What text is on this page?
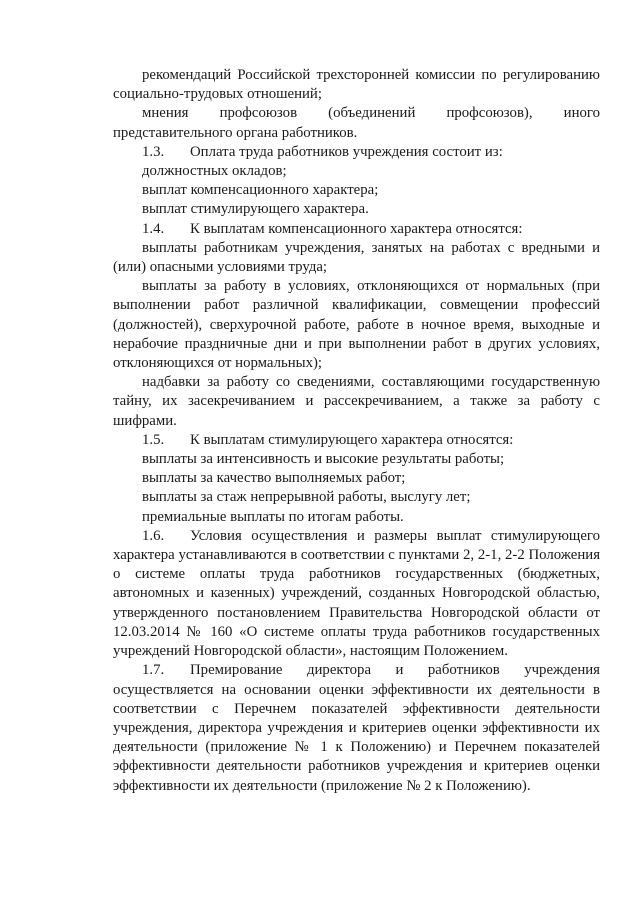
рекомендаций Российской трехсторонней комиссии по регулированию социально-трудовых отношений;

мнения профсоюзов (объединений профсоюзов), иного представительного органа работников.

1.3. Оплата труда работников учреждения состоит из:

должностных окладов;

выплат компенсационного характера;

выплат стимулирующего характера.

1.4. К выплатам компенсационного характера относятся:

выплаты работникам учреждения, занятых на работах с вредными и (или) опасными условиями труда;

выплаты за работу в условиях, отклоняющихся от нормальных (при выполнении работ различной квалификации, совмещении профессий (должностей), сверхурочной работе, работе в ночное время, выходные и нерабочие праздничные дни и при выполнении работ в других условиях, отклоняющихся от нормальных);

надбавки за работу со сведениями, составляющими государственную тайну, их засекречиванием и рассекречиванием, а также за работу с шифрами.

1.5. К выплатам стимулирующего характера относятся:

выплаты за интенсивность и высокие результаты работы;

выплаты за качество выполняемых работ;

выплаты за стаж непрерывной работы, выслугу лет;

премиальные выплаты по итогам работы.

1.6. Условия осуществления и размеры выплат стимулирующего характера устанавливаются в соответствии с пунктами 2, 2-1, 2-2 Положения о системе оплаты труда работников государственных (бюджетных, автономных и казенных) учреждений, созданных Новгородской областью, утвержденного постановлением Правительства Новгородской области от 12.03.2014 № 160 «О системе оплаты труда работников государственных учреждений Новгородской области», настоящим Положением.

1.7. Премирование директора и работников учреждения осуществляется на основании оценки эффективности их деятельности в соответствии с Перечнем показателей эффективности деятельности учреждения, директора учреждения и критериев оценки эффективности их деятельности (приложение № 1 к Положению) и Перечнем показателей эффективности деятельности работников учреждения и критериев оценки эффективности их деятельности (приложение № 2 к Положению).
